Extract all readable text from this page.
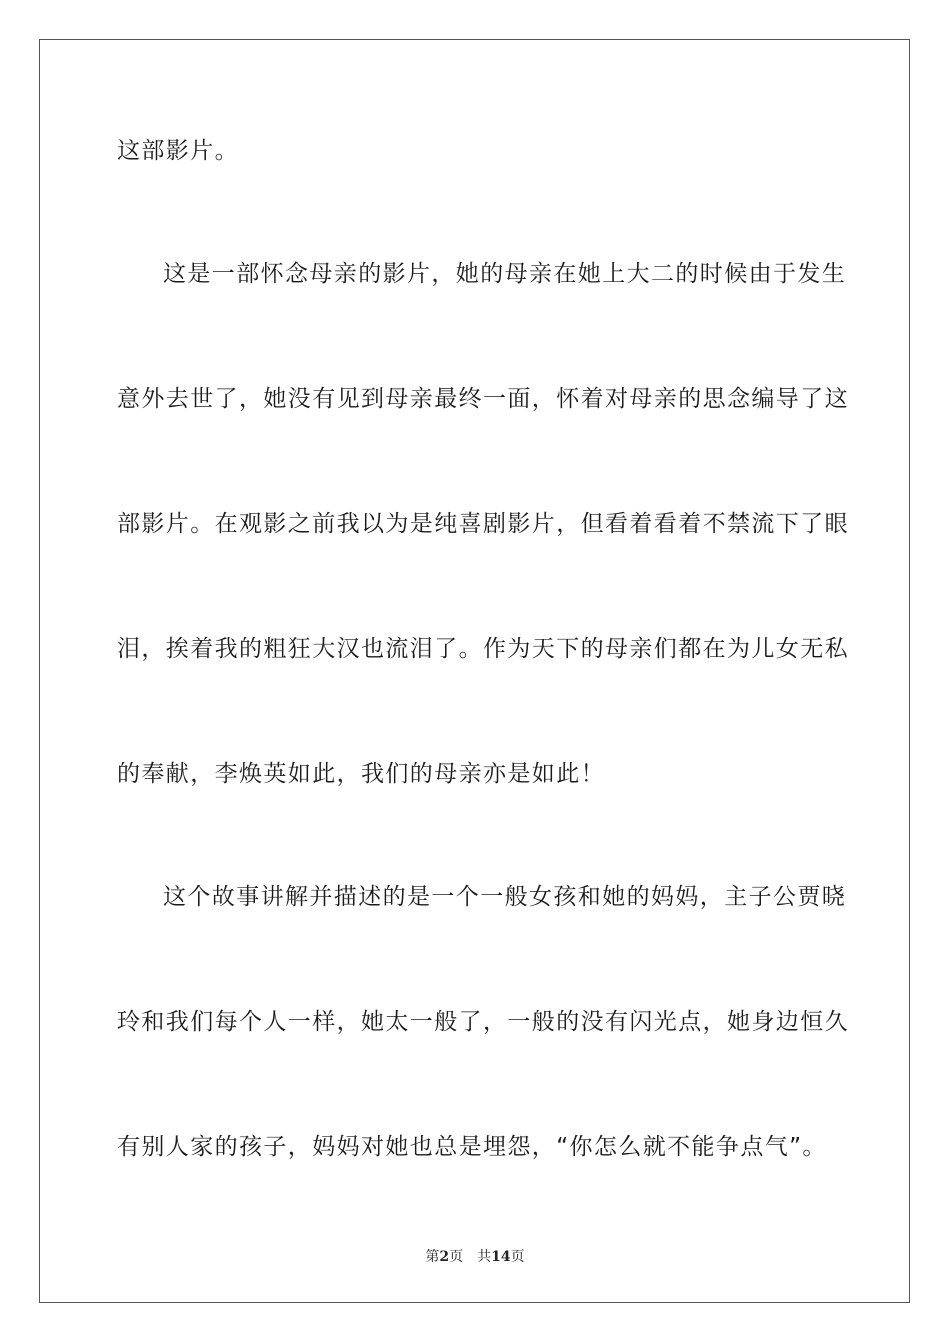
这部影片。
这是一部怀念母亲的影片，她的母亲在她上大二的时候由于发生
意外去世了，她没有见到母亲最终一面，怀着对母亲的思念编导了这
部影片。在观影之前我以为是纯喜剧影片，但看着看着不禁流下了眼
泪，挨着我的粗狂大汉也流泪了。作为天下的母亲们都在为儿女无私
的奉献，李焕英如此，我们的母亲亦是如此！
这个故事讲解并描述的是一个一般女孩和她的妈妈，主子公贾晓
玲和我们每个人一样，她太一般了，一般的没有闪光点，她身边恒久
有别人家的孩子，妈妈对她也总是埋怨，“你怎么就不能争点气”。
第2页 共14页
